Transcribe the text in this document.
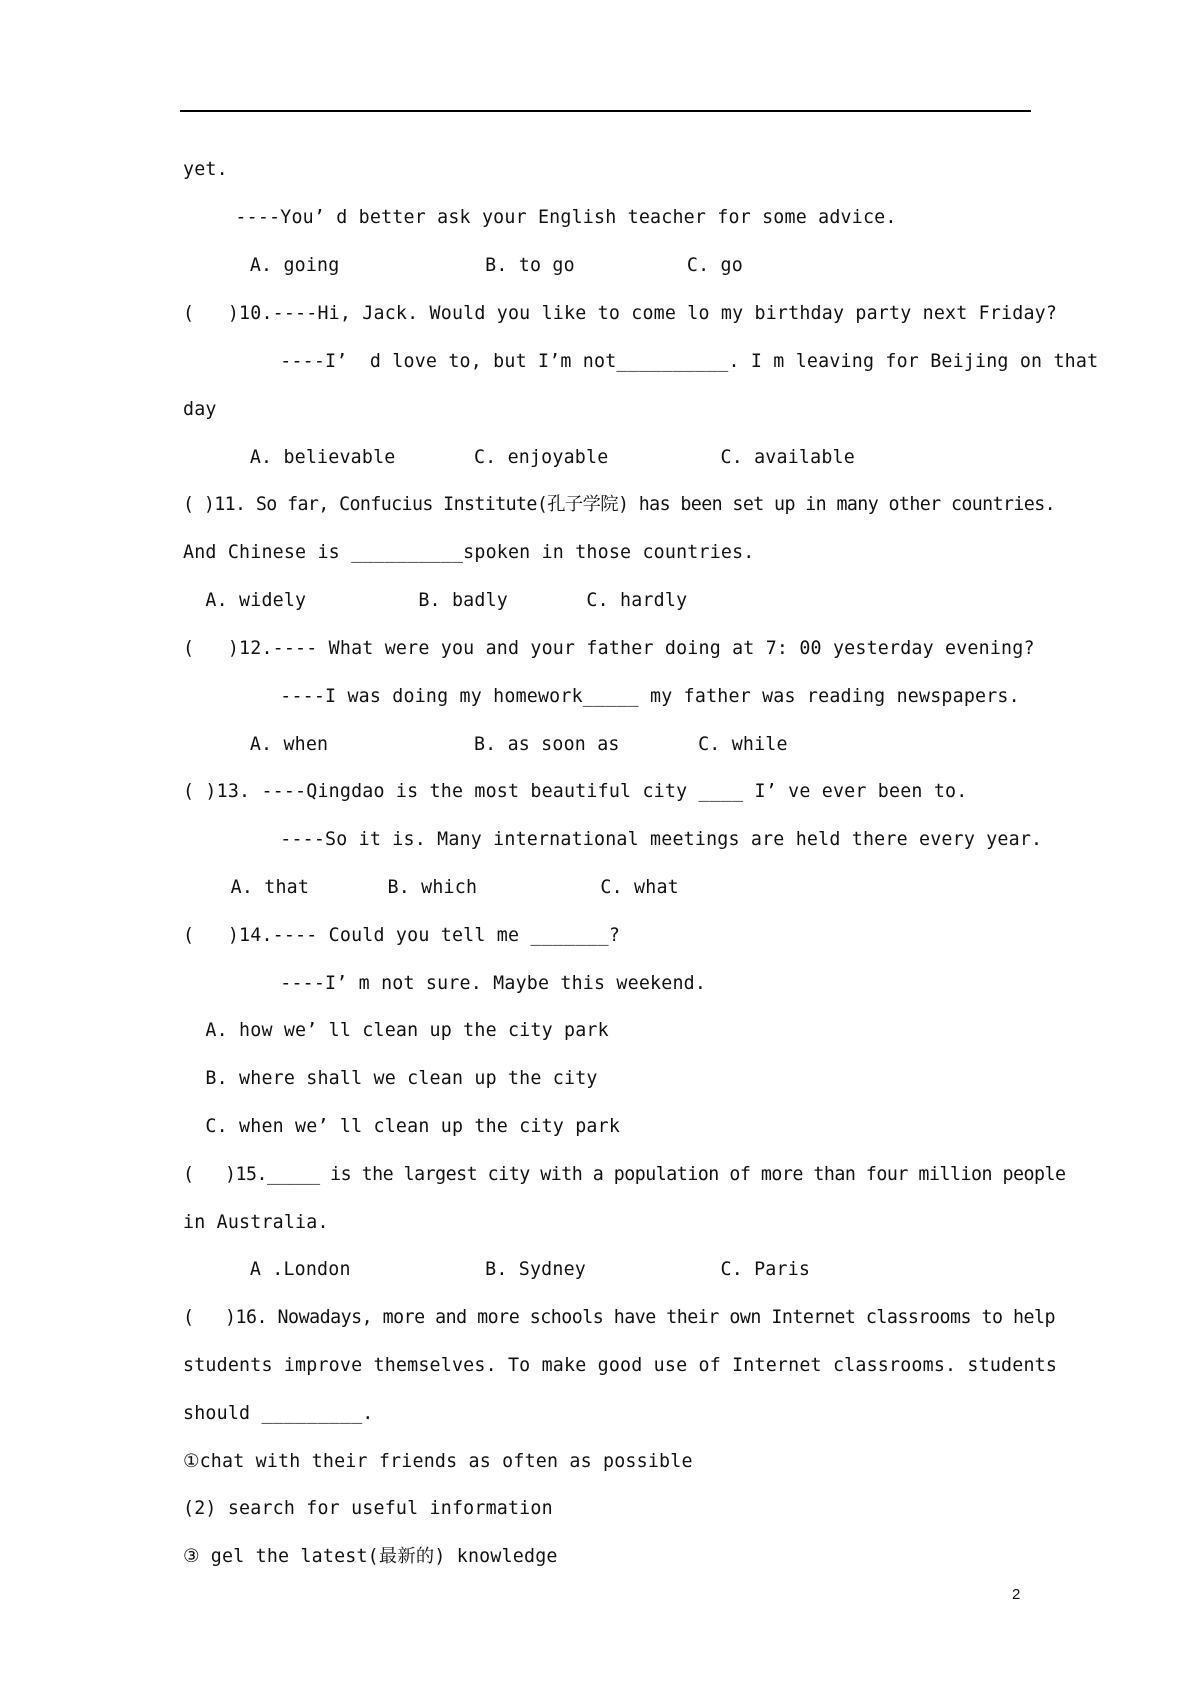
yet.
----You’ d better ask your English teacher for some advice.
A. going             B. to go          C. go
(   )10.----Hi, Jack. Would you like to come lo my birthday party next Friday?
----I’  d love to, but I’m not__________. I m leaving for Beijing on that
day
A. believable       C. enjoyable          C. available
( )11. So far, Confucius Institute(孔子学院) has been set up in many other countries.
And Chinese is __________spoken in those countries.
A. widely          B. badly       C. hardly
(   )12.---- What were you and your father doing at 7: 00 yesterday evening?
----I was doing my homework_____ my father was reading newspapers.
A. when             B. as soon as       C. while
( )13. ----Qingdao is the most beautiful city ____ I’ ve ever been to.
----So it is. Many international meetings are held there every year.
A. that       B. which           C. what
(   )14.---- Could you tell me _______?
----I’ m not sure. Maybe this weekend.
A. how we’ ll clean up the city park
B. where shall we clean up the city
C. when we’ ll clean up the city park
(   )15._____ is the largest city with a population of more than four million people
in Australia.
A .London            B. Sydney            C. Paris
(   )16. Nowadays, more and more schools have their own Internet classrooms to help
students improve themselves. To make good use of Internet classrooms. students
should _________.
①chat with their friends as often as possible
(2) search for useful information
③ gel the latest(最新的) knowledge
2
